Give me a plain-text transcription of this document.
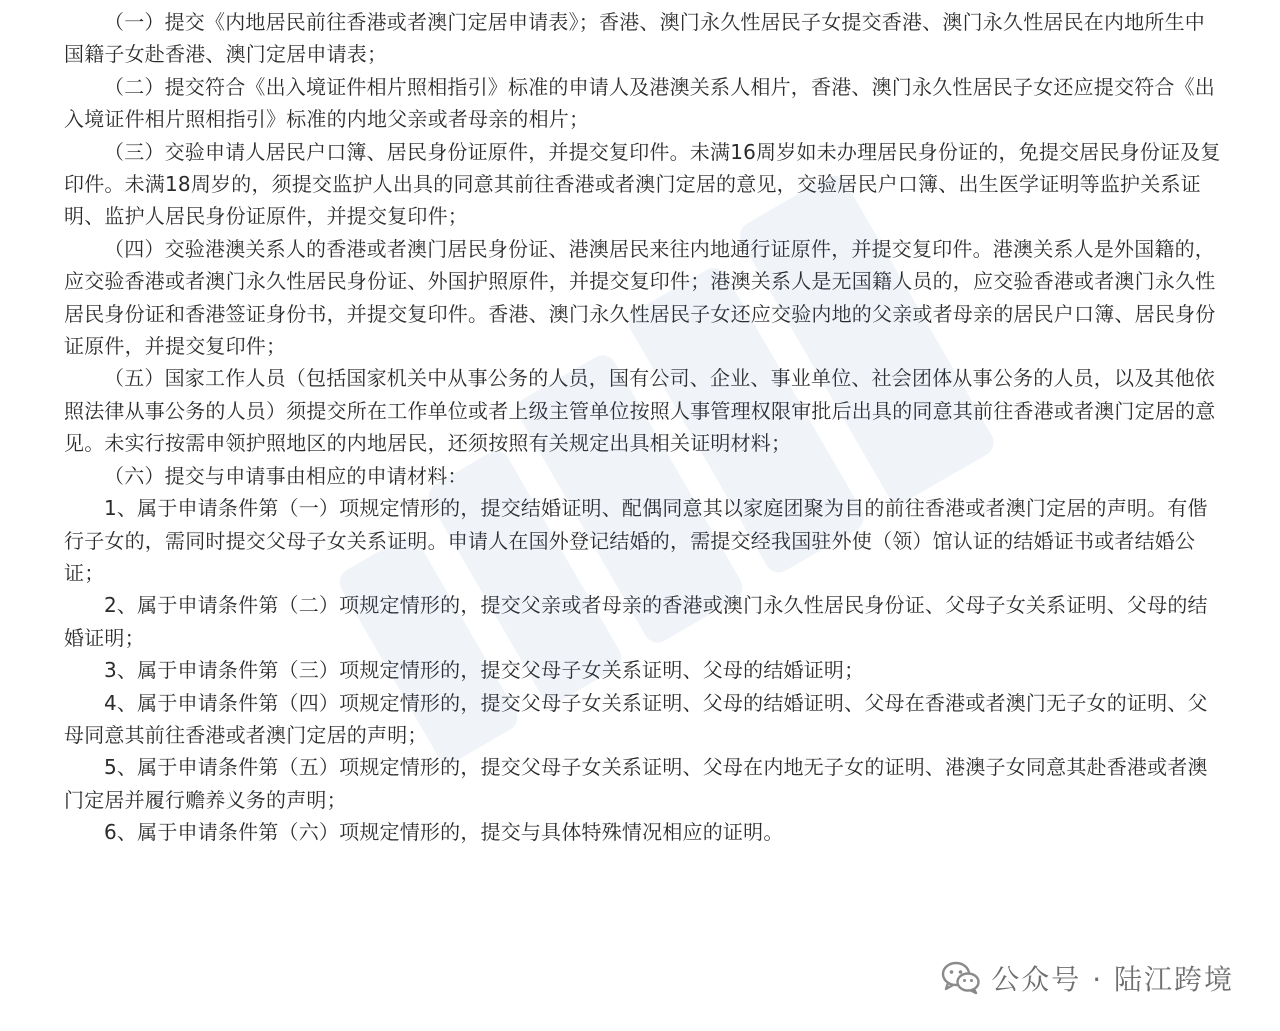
（一）提交《内地居民前往香港或者澳门定居申请表》；香港、澳门永久性居民子女提交香港、澳门永久性居民在内地所生中国籍子女赴香港、澳门定居申请表；

（二）提交符合《出入境证件相片照相指引》标准的申请人及港澳关系人相片，香港、澳门永久性居民子女还应提交符合《出入境证件相片照相指引》标准的内地父亲或者母亲的相片；

（三）交验申请人居民户口簿、居民身份证原件，并提交复印件。未满16周岁如未办理居民身份证的，免提交居民身份证及复印件。未满18周岁的，须提交监护人出具的同意其前往香港或者澳门定居的意见，交验居民户口簿、出生医学证明等监护关系证明、监护人居民身份证原件，并提交复印件；

（四）交验港澳关系人的香港或者澳门居民身份证、港澳居民来往内地通行证原件，并提交复印件。港澳关系人是外国籍的，应交验香港或者澳门永久性居民身份证、外国护照原件，并提交复印件；港澳关系人是无国籍人员的，应交验香港或者澳门永久性居民身份证和香港签证身份书，并提交复印件。香港、澳门永久性居民子女还应交验内地的父亲或者母亲的居民户口簿、居民身份证原件，并提交复印件；

（五）国家工作人员（包括国家机关中从事公务的人员，国有公司、企业、事业单位、社会团体从事公务的人员，以及其他依照法律从事公务的人员）须提交所在工作单位或者上级主管单位按照人事管理权限审批后出具的同意其前往香港或者澳门定居的意见。未实行按需申领护照地区的内地居民，还须按照有关规定出具相关证明材料；

（六）提交与申请事由相应的申请材料：

1、属于申请条件第（一）项规定情形的，提交结婚证明、配偶同意其以家庭团聚为目的前往香港或者澳门定居的声明。有偕行子女的，需同时提交父母子女关系证明。申请人在国外登记结婚的，需提交经我国驻外使（领）馆认证的结婚证书或者结婚公证；

2、属于申请条件第（二）项规定情形的，提交父亲或者母亲的香港或澳门永久性居民身份证、父母子女关系证明、父母的结婚证明；

3、属于申请条件第（三）项规定情形的，提交父母子女关系证明、父母的结婚证明；

4、属于申请条件第（四）项规定情形的，提交父母子女关系证明、父母的结婚证明、父母在香港或者澳门无子女的证明、父母同意其前往香港或者澳门定居的声明；

5、属于申请条件第（五）项规定情形的，提交父母子女关系证明、父母在内地无子女的证明、港澳子女同意其赴香港或者澳门定居并履行赡养义务的声明；

6、属于申请条件第（六）项规定情形的，提交与具体特殊情况相应的证明。

公众号 · 陆江跨境
